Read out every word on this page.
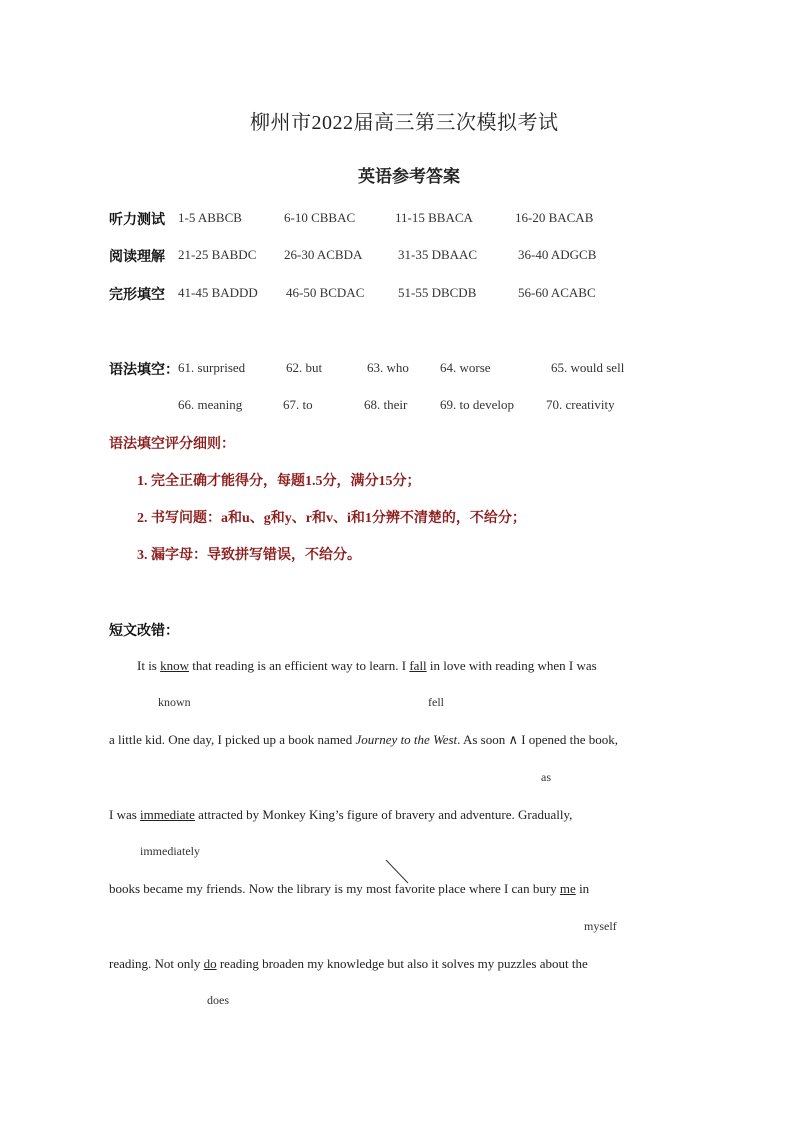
柳州市2022届高三第三次模拟考试
英语参考答案
听力测试 1-5 ABBCB	6-10 CBBAC	11-15 BBACA	16-20 BACAB
阅读理解 21-25 BABDC 26-30 ACBDA	31-35 DBAAC	36-40 ADGCB
完形填空 41-45 BADDD 46-50 BCDAC	51-55 DBCDB	56-60 ACABC
语法填空： 61. surprised	62. but	63. who 64. worse	65. would sell
66. meaning	67. to	68. their	69. to develop 70. creativity
语法填空评分细则：
1. 完全正确才能得分，每题1.5分，满分15分；
2. 书写问题：a和u、g和y、r和v、i和1分辨不清楚的，不给分；
3. 漏字母：导致拼写错误，不给分。
短文改错：
It is know that reading is an efficient way to learn. I fall in love with reading when I was
known	fell
a little kid. One day, I picked up a book named Journey to the West. As soon ∧ I opened the book,
as
I was immediate attracted by Monkey King’s figure of bravery and adventure. Gradually,
immediately
books became my friends. Now the library is my most favorite place where I can bury me in
myself
reading. Not only do reading broaden my knowledge but also it solves my puzzles about the
does
